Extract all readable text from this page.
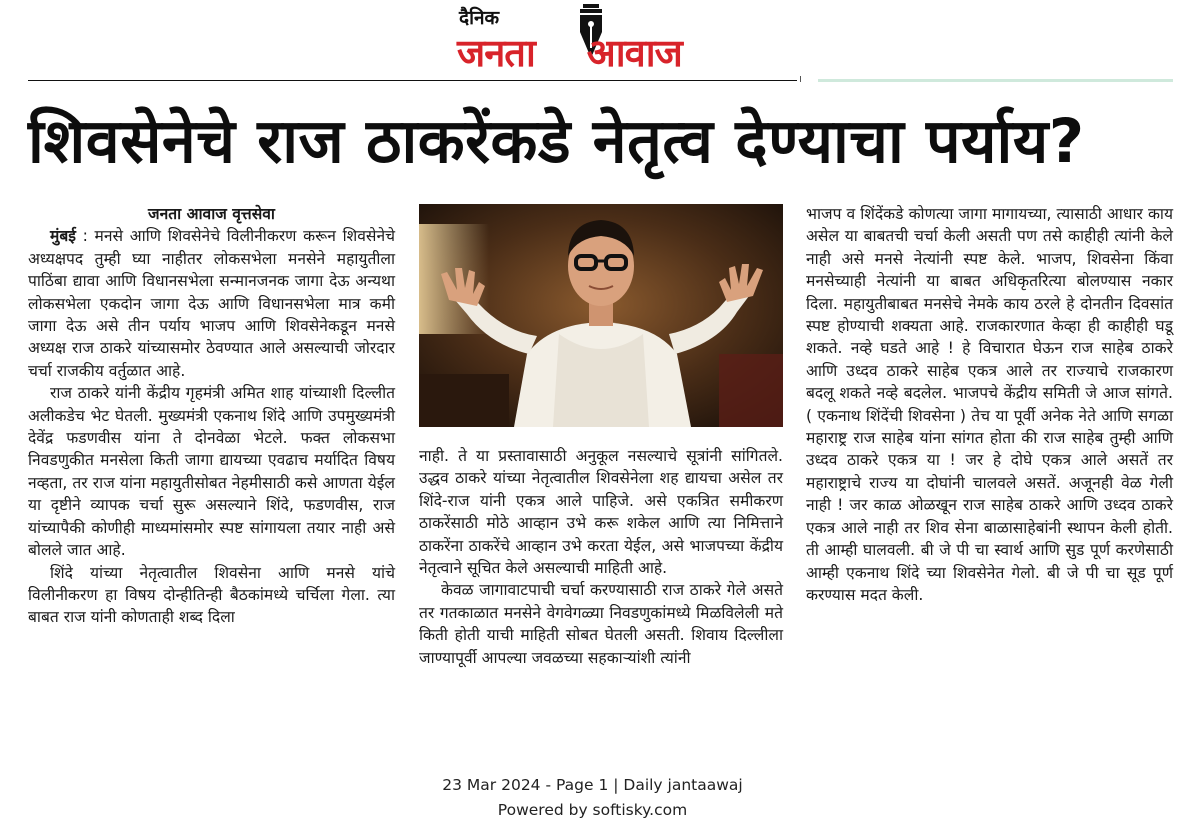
दैनिक
जनता आवाज
शिवसेनेचे राज ठाकरेंकडे नेतृत्व देण्याचा पर्याय?

जनता आवाज वृत्तसेवा

मुंबई : मनसे आणि शिवसेनेचे विलीनीकरण करून शिवसेनेचे अध्यक्षपद तुम्ही घ्या नाहीतर लोकसभेला मनसेने महायुतीला पाठिंबा द्यावा आणि विधानसभेला सन्मानजनक जागा देऊ अन्यथा लोकसभेला एकदोन जागा देऊ आणि विधानसभेला मात्र कमी जागा देऊ असे तीन पर्याय भाजप आणि शिवसेनेकडून मनसे अध्यक्ष राज ठाकरे यांच्यासमोर ठेवण्यात आले असल्याची जोरदार चर्चा राजकीय वर्तुळात आहे.

राज ठाकरे यांनी केंद्रीय गृहमंत्री अमित शाह यांच्याशी दिल्लीत अलीकडेच भेट घेतली. मुख्यमंत्री एकनाथ शिंदे आणि उपमुख्यमंत्री देवेंद्र फडणवीस यांना ते दोनवेळा भेटले. फक्त लोकसभा निवडणुकीत मनसेला किती जागा द्यायच्या एवढाच मर्यादित विषय नव्हता, तर राज यांना महायुतीसोबत नेहमीसाठी कसे आणता येईल या दृष्टीने व्यापक चर्चा सुरू असल्याने शिंदे, फडणवीस, राज यांच्यापैकी कोणीही माध्यमांसमोर स्पष्ट सांगायला तयार नाही असे बोलले जात आहे.

शिंदे यांच्या नेतृत्वातील शिवसेना आणि मनसे यांचे विलीनीकरण हा विषय दोन्हीतिन्ही बैठकांमध्ये चर्चिला गेला. त्या बाबत राज यांनी कोणताही शब्द दिला

नाही. ते या प्रस्तावासाठी अनुकूल नसल्याचे सूत्रांनी सांगितले. उद्धव ठाकरे यांच्या नेतृत्वातील शिवसेनेला शह द्यायचा असेल तर शिंदे-राज यांनी एकत्र आले पाहिजे. असे एकत्रित समीकरण ठाकरेंसाठी मोठे आव्हान उभे करू शकेल आणि त्या निमित्ताने ठाकरेंना ठाकरेंचे आव्हान उभे करता येईल, असे भाजपच्या केंद्रीय नेतृत्वाने सूचित केले असल्याची माहिती आहे.

केवळ जागावाटपाची चर्चा करण्यासाठी राज ठाकरे गेले असते तर गतकाळात मनसेने वेगवेगळ्या निवडणुकांमध्ये मिळविलेली मते किती होती याची माहिती सोबत घेतली असती. शिवाय दिल्लीला जाण्यापूर्वी आपल्या जवळच्या सहकाऱ्यांशी त्यांनी

भाजप व शिंदेंकडे कोणत्या जागा मागायच्या, त्यासाठी आधार काय असेल या बाबतची चर्चा केली असती पण तसे काहीही त्यांनी केले नाही असे मनसे नेत्यांनी स्पष्ट केले. भाजप, शिवसेना किंवा मनसेच्याही नेत्यांनी या बाबत अधिकृतरित्या बोलण्यास नकार दिला. महायुतीबाबत मनसेचे नेमके काय ठरले हे दोनतीन दिवसांत स्पष्ट होण्याची शक्यता आहे. राजकारणात केव्हा ही काहीही घडू शकते. नव्हे घडते आहे ! हे विचारात घेऊन राज साहेब ठाकरे आणि उध्दव ठाकरे साहेब एकत्र आले तर राज्याचे राजकारण बदलू शकते नव्हे बदलेल. भाजपचे केंद्रीय समिती जे आज सांगते. ( एकनाथ शिंदेंची शिवसेना ) तेच या पूर्वी अनेक नेते आणि सगळा महाराष्ट्र राज साहेब यांना सांगत होता की राज साहेब तुम्ही आणि उध्दव ठाकरे एकत्र या ! जर हे दोघे एकत्र आले असतें तर महाराष्ट्राचे राज्य या दोघांनी चालवले असतें. अजूनही वेळ गेली नाही ! जर काळ ओळखून राज साहेब ठाकरे आणि उध्दव ठाकरे एकत्र आले नाही तर शिव सेना बाळासाहेबांनी स्थापन केली होती. ती आम्ही घालवली. बी जे पी चा स्वार्थ आणि सुड पूर्ण करणेसाठी आम्ही एकनाथ शिंदे च्या शिवसेनेत गेलो. बी जे पी चा सूड पूर्ण करण्यास मदत केली.

23 Mar 2024 - Page 1 | Daily jantaawaj
Powered by softisky.com
